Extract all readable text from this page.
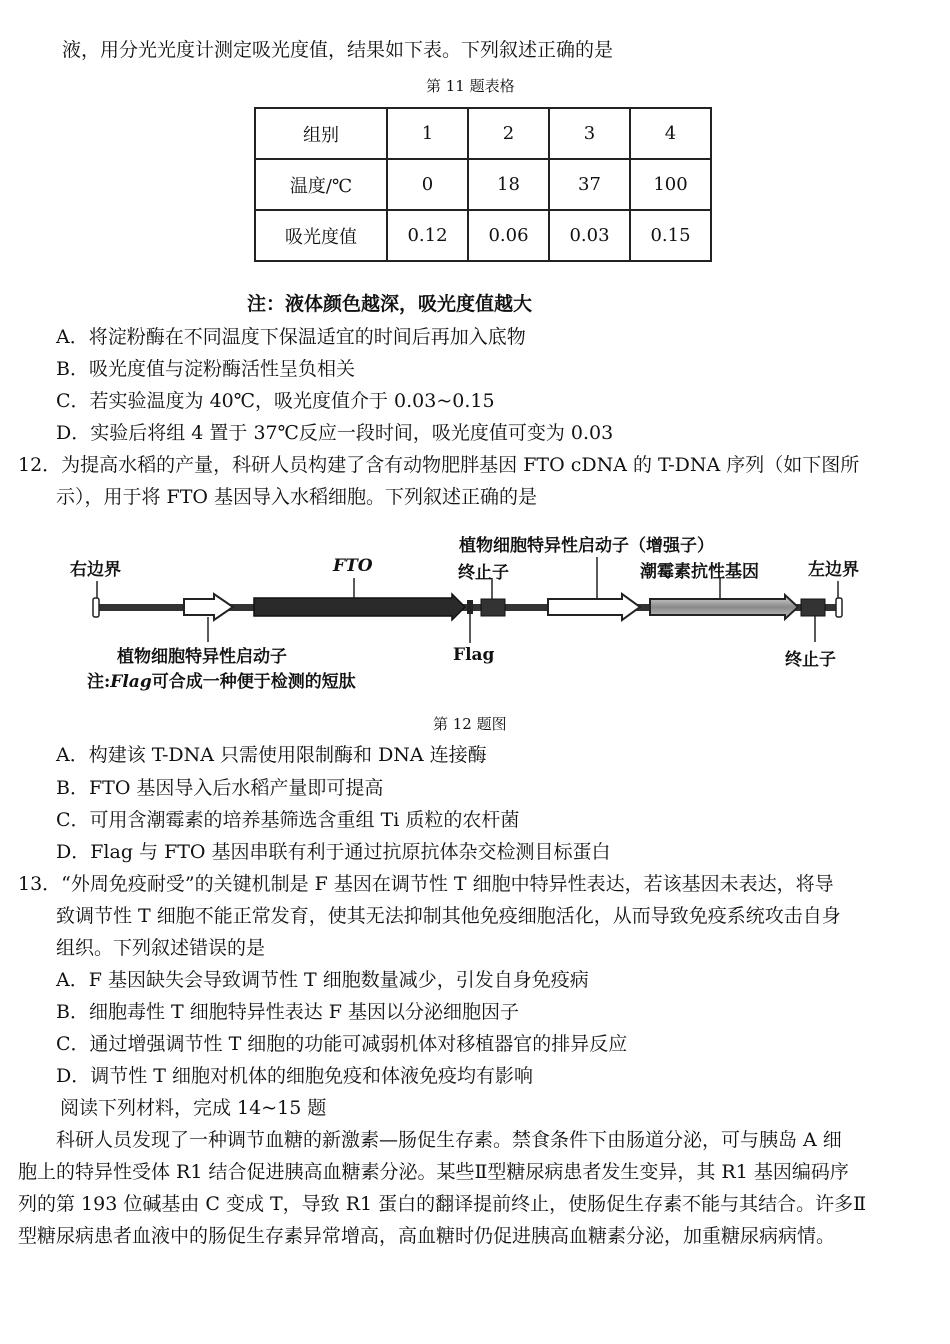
液，用分光光度计测定吸光度值，结果如下表。下列叙述正确的是
第 11 题表格
组别	1	2	3	4
温度/℃	0	18	37	100
吸光度值	0.12	0.06	0.03	0.15
注：液体颜色越深，吸光度值越大
A．将淀粉酶在不同温度下保温适宜的时间后再加入底物
B．吸光度值与淀粉酶活性呈负相关
C．若实验温度为 40℃，吸光度值介于 0.03~0.15
D．实验后将组 4 置于 37℃反应一段时间，吸光度值可变为 0.03
12．为提高水稻的产量，科研人员构建了含有动物肥胖基因 FTO cDNA 的 T-DNA 序列（如下图所
示），用于将 FTO 基因导入水稻细胞。下列叙述正确的是
右边界	左边界
FTO
植物细胞特异性启动子（增强子）
终止子	潮霉素抗性基因
植物细胞特异性启动子	Flag	终止子
注:Flag可合成一种便于检测的短肽
第 12 题图
A．构建该 T-DNA 只需使用限制酶和 DNA 连接酶
B．FTO 基因导入后水稻产量即可提高
C．可用含潮霉素的培养基筛选含重组 Ti 质粒的农杆菌
D．Flag 与 FTO 基因串联有利于通过抗原抗体杂交检测目标蛋白
13．“外周免疫耐受”的关键机制是 F 基因在调节性 T 细胞中特异性表达，若该基因未表达，将导
致调节性 T 细胞不能正常发育，使其无法抑制其他免疫细胞活化，从而导致免疫系统攻击自身
组织。下列叙述错误的是
A．F 基因缺失会导致调节性 T 细胞数量减少，引发自身免疫病
B．细胞毒性 T 细胞特异性表达 F 基因以分泌细胞因子
C．通过增强调节性 T 细胞的功能可减弱机体对移植器官的排异反应
D．调节性 T 细胞对机体的细胞免疫和体液免疫均有影响
阅读下列材料，完成 14~15 题
科研人员发现了一种调节血糖的新激素—肠促生存素。禁食条件下由肠道分泌，可与胰岛 A 细
胞上的特异性受体 R1 结合促进胰高血糖素分泌。某些Ⅱ型糖尿病患者发生变异，其 R1 基因编码序
列的第 193 位碱基由 C 变成 T，导致 R1 蛋白的翻译提前终止，使肠促生存素不能与其结合。许多Ⅱ
型糖尿病患者血液中的肠促生存素异常增高，高血糖时仍促进胰高血糖素分泌，加重糖尿病病情。
